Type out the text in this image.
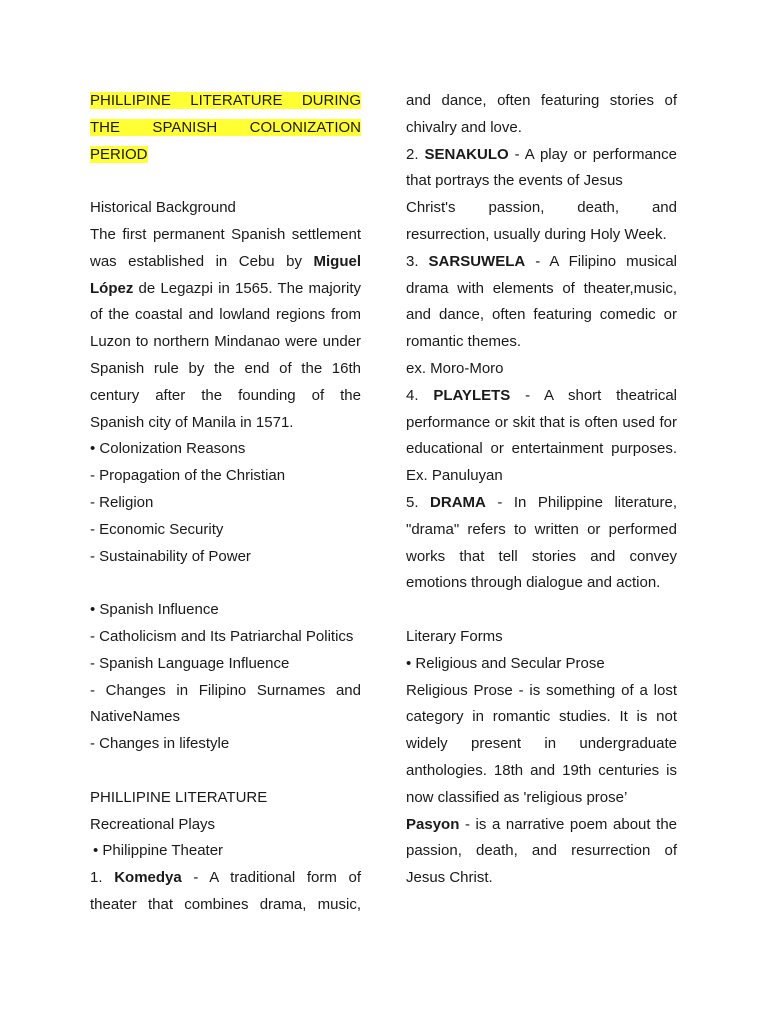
PHILLIPINE LITERATURE DURING
THE SPANISH COLONIZATION
PERIOD
Historical Background
The first permanent Spanish settlement
was established in Cebu by Miguel
López de Legazpi in 1565. The majority
of the coastal and lowland regions from
Luzon to northern Mindanao were under
Spanish rule by the end of the 16th
century after the founding of the
Spanish city of Manila in 1571.
• Colonization Reasons
- Propagation of the Christian
- Religion
- Economic Security
- Sustainability of Power
• Spanish Influence
- Catholicism and Its Patriarchal Politics
- Spanish Language Influence
- Changes in Filipino Surnames and
NativeNames
- Changes in lifestyle
PHILLIPINE LITERATURE
Recreational Plays
• Philippine Theater
1. Komedya - A traditional form of
theater that combines drama, music,
and dance, often featuring stories of
chivalry and love.
2. SENAKULO - A play or performance
that portrays the events of Jesus
Christ's passion, death, and
resurrection, usually during Holy Week.
3. SARSUWELA - A Filipino musical
drama with elements of theater,music,
and dance, often featuring comedic or
romantic themes.
ex. Moro-Moro
4. PLAYLETS - A short theatrical
performance or skit that is often used for
educational or entertainment purposes.
Ex. Panuluyan
5. DRAMA - In Philippine literature,
"drama" refers to written or performed
works that tell stories and convey
emotions through dialogue and action.
Literary Forms
• Religious and Secular Prose
Religious Prose - is something of a lost
category in romantic studies. It is not
widely present in undergraduate
anthologies. 18th and 19th centuries is
now classified as 'religious prose’
Pasyon - is a narrative poem about the
passion, death, and resurrection of
Jesus Christ.
